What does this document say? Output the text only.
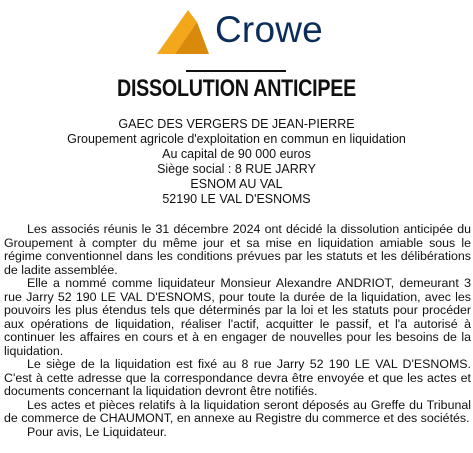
Crowe
DISSOLUTION ANTICIPEE
GAEC DES VERGERS DE JEAN-PIERRE
Groupement agricole d'exploitation en commun en liquidation
Au capital de 90 000 euros
Siège social : 8 RUE JARRY
ESNOM AU VAL
52190 LE VAL D'ESNOMS

Les associés réunis le 31 décembre 2024 ont décidé la dissolution anticipée du Groupement à compter du même jour et sa mise en liquidation amiable sous le régime conventionnel dans les conditions prévues par les statuts et les délibérations de ladite assemblée.

Elle a nommé comme liquidateur Monsieur Alexandre ANDRIOT, demeurant 3 rue Jarry 52 190 LE VAL D'ESNOMS, pour toute la durée de la liquidation, avec les pouvoirs les plus étendus tels que déterminés par la loi et les statuts pour procéder aux opérations de liquidation, réaliser l'actif, acquitter le passif, et l'a autorisé à continuer les affaires en cours et à en engager de nouvelles pour les besoins de la liquidation.

Le siège de la liquidation est fixé au 8 rue Jarry 52 190 LE VAL D'ESNOMS. C'est à cette adresse que la correspondance devra être envoyée et que les actes et documents concernant la liquidation devront être notifiés.

Les actes et pièces relatifs à la liquidation seront déposés au Greffe du Tribunal de commerce de CHAUMONT, en annexe au Registre du commerce et des sociétés.

Pour avis, Le Liquidateur.
